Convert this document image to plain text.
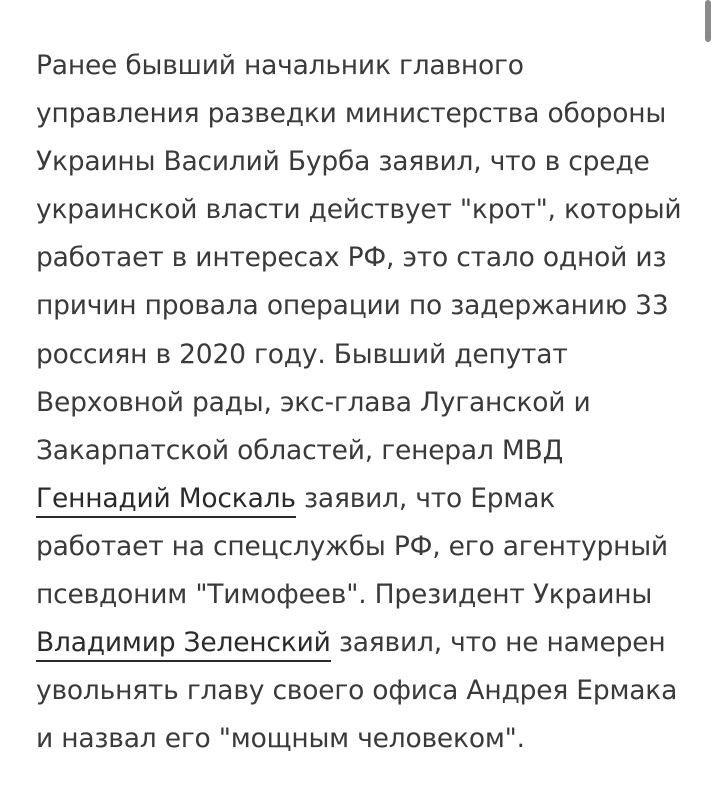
Ранее бывший начальник главного
управления разведки министерства обороны
Украины Василий Бурба заявил, что в среде
украинской власти действует "крот", который
работает в интересах РФ, это стало одной из
причин провала операции по задержанию 33
россиян в 2020 году. Бывший депутат
Верховной рады, экс-глава Луганской и
Закарпатской областей, генерал МВД
Геннадий Москаль заявил, что Ермак
работает на спецслужбы РФ, его агентурный
псевдоним "Тимофеев". Президент Украины
Владимир Зеленский заявил, что не намерен
увольнять главу своего офиса Андрея Ермака
и назвал его "мощным человеком".
